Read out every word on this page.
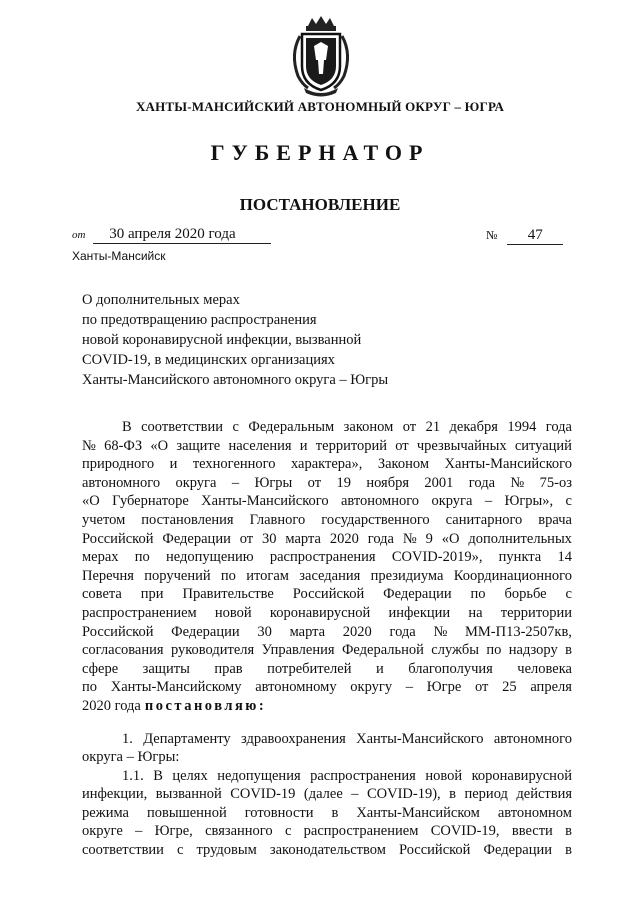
ХАНТЫ-МАНСИЙСКИЙ АВТОНОМНЫЙ ОКРУГ – ЮГРА
ГУБЕРНАТОР
ПОСТАНОВЛЕНИЕ
от 30 апреля 2020 года	№ 47
Ханты-Мансийск
О дополнительных мерах
по предотвращению распространения
новой коронавирусной инфекции, вызванной
COVID-19, в медицинских организациях
Ханты-Мансийского автономного округа – Югры
В соответствии с Федеральным законом от 21 декабря 1994 года
№ 68-ФЗ «О защите населения и территорий от чрезвычайных ситуаций
природного и техногенного характера», Законом Ханты-Мансийского
автономного округа – Югры от 19 ноября 2001 года № 75-оз
«О Губернаторе Ханты-Мансийского автономного округа – Югры», с
учетом постановления Главного государственного санитарного врача
Российской Федерации от 30 марта 2020 года № 9 «О дополнительных
мерах по недопущению распространения COVID-2019», пункта 14
Перечня поручений по итогам заседания президиума Координационного
совета при Правительстве Российской Федерации по борьбе с
распространением новой коронавирусной инфекции на территории
Российской Федерации 30 марта 2020 года № ММ-П13-2507кв,
согласования руководителя Управления Федеральной службы по надзору в
сфере защиты прав потребителей и благополучия человека
по Ханты-Мансийскому автономному округу – Югре от 25 апреля
2020 года постановляю:
1. Департаменту здравоохранения Ханты-Мансийского автономного
округа – Югры:
1.1. В целях недопущения распространения новой коронавирусной
инфекции, вызванной COVID-19 (далее – COVID-19), в период действия
режима повышенной готовности в Ханты-Мансийском автономном
округе – Югре, связанного с распространением COVID-19, ввести в
соответствии с трудовым законодательством Российской Федерации в
